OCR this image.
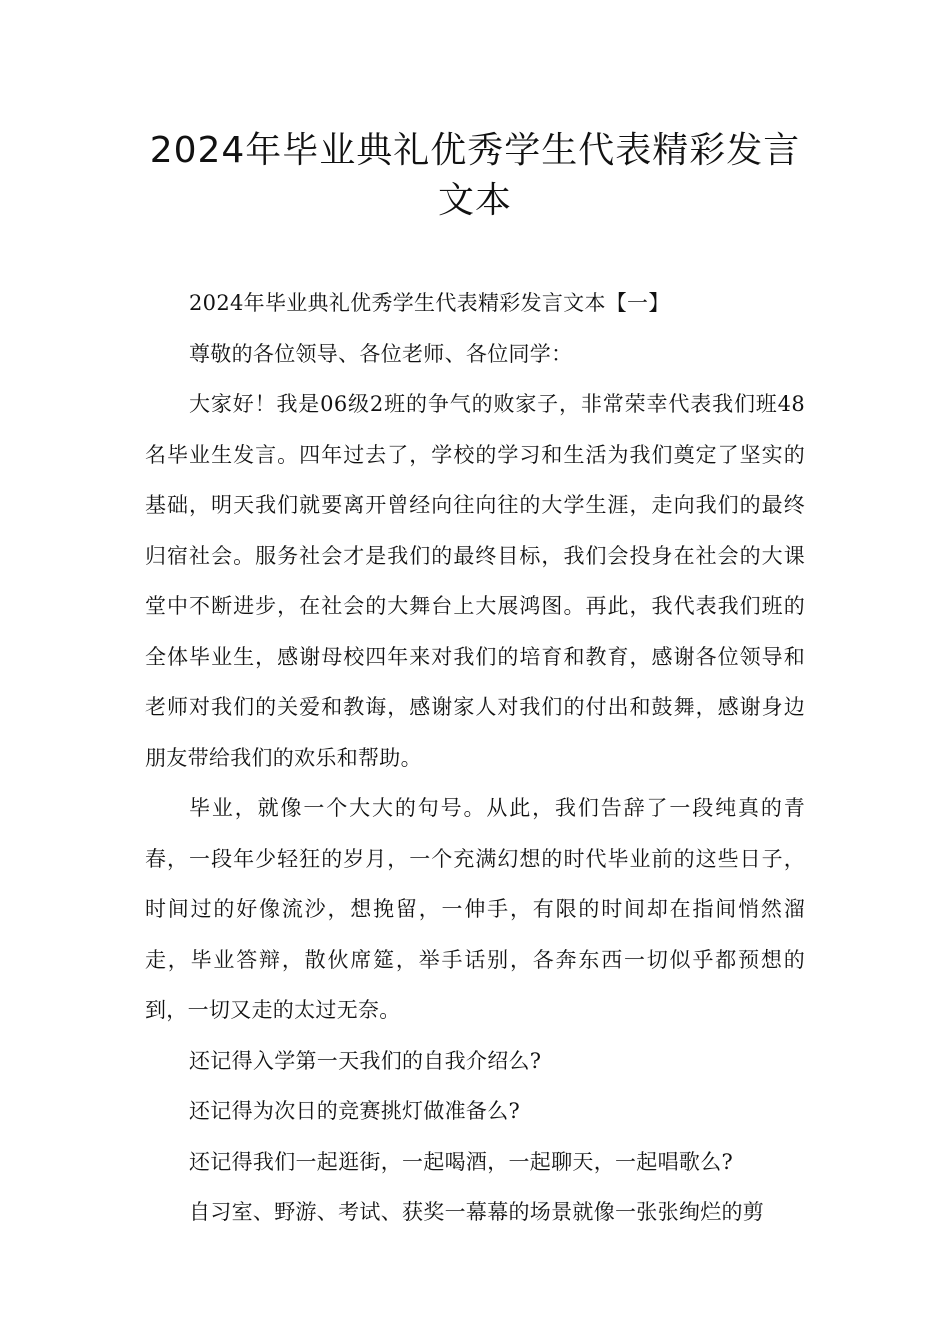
2024年毕业典礼优秀学生代表精彩发言
文本

2024年毕业典礼优秀学生代表精彩发言文本【一】

尊敬的各位领导、各位老师、各位同学：

大家好！我是06级2班的争气的败家子，非常荣幸代表我们班48名毕业生发言。四年过去了，学校的学习和生活为我们奠定了坚实的基础，明天我们就要离开曾经向往向往的大学生涯，走向我们的最终归宿社会。服务社会才是我们的最终目标，我们会投身在社会的大课堂中不断进步，在社会的大舞台上大展鸿图。再此，我代表我们班的全体毕业生，感谢母校四年来对我们的培育和教育，感谢各位领导和老师对我们的关爱和教诲，感谢家人对我们的付出和鼓舞，感谢身边朋友带给我们的欢乐和帮助。

毕业，就像一个大大的句号。从此，我们告辞了一段纯真的青春，一段年少轻狂的岁月，一个充满幻想的时代毕业前的这些日子，时间过的好像流沙，想挽留，一伸手，有限的时间却在指间悄然溜走，毕业答辩，散伙席筵，举手话别，各奔东西一切似乎都预想的到，一切又走的太过无奈。

还记得入学第一天我们的自我介绍么?

还记得为次日的竞赛挑灯做准备么?

还记得我们一起逛街，一起喝酒，一起聊天，一起唱歌么?

自习室、野游、考试、获奖一幕幕的场景就像一张张绚烂的剪
